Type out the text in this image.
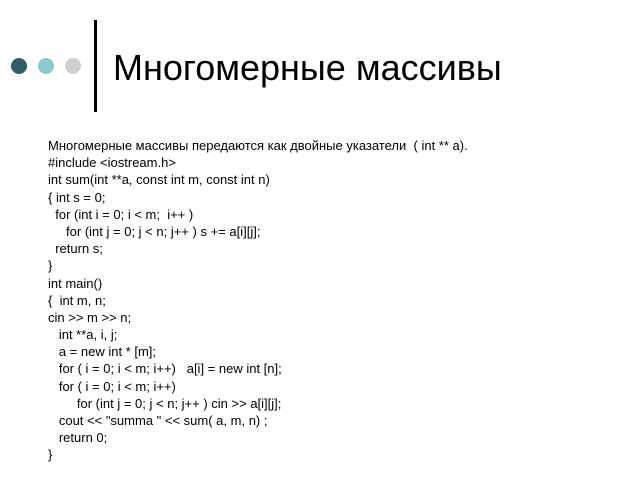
Многомерные массивы
Многомерные массивы передаются как двойные указатели  ( int ** a).
#include <iostream.h>
int sum(int **a, const int m, const int n)
{ int s = 0;
for (int i = 0; i < m;  i++ )
for (int j = 0; j < n; j++ ) s += a[i][j];
return s;
}
int main()
{  int m, n;
cin >> m >> n;
int **a, i, j;
a = new int * [m];
for ( i = 0; i < m; i++)   a[i] = new int [n];
for ( i = 0; i < m; i++)
for (int j = 0; j < n; j++ ) cin >> a[i][j];
cout << "summa " << sum( a, m, n) ;
return 0;
}
